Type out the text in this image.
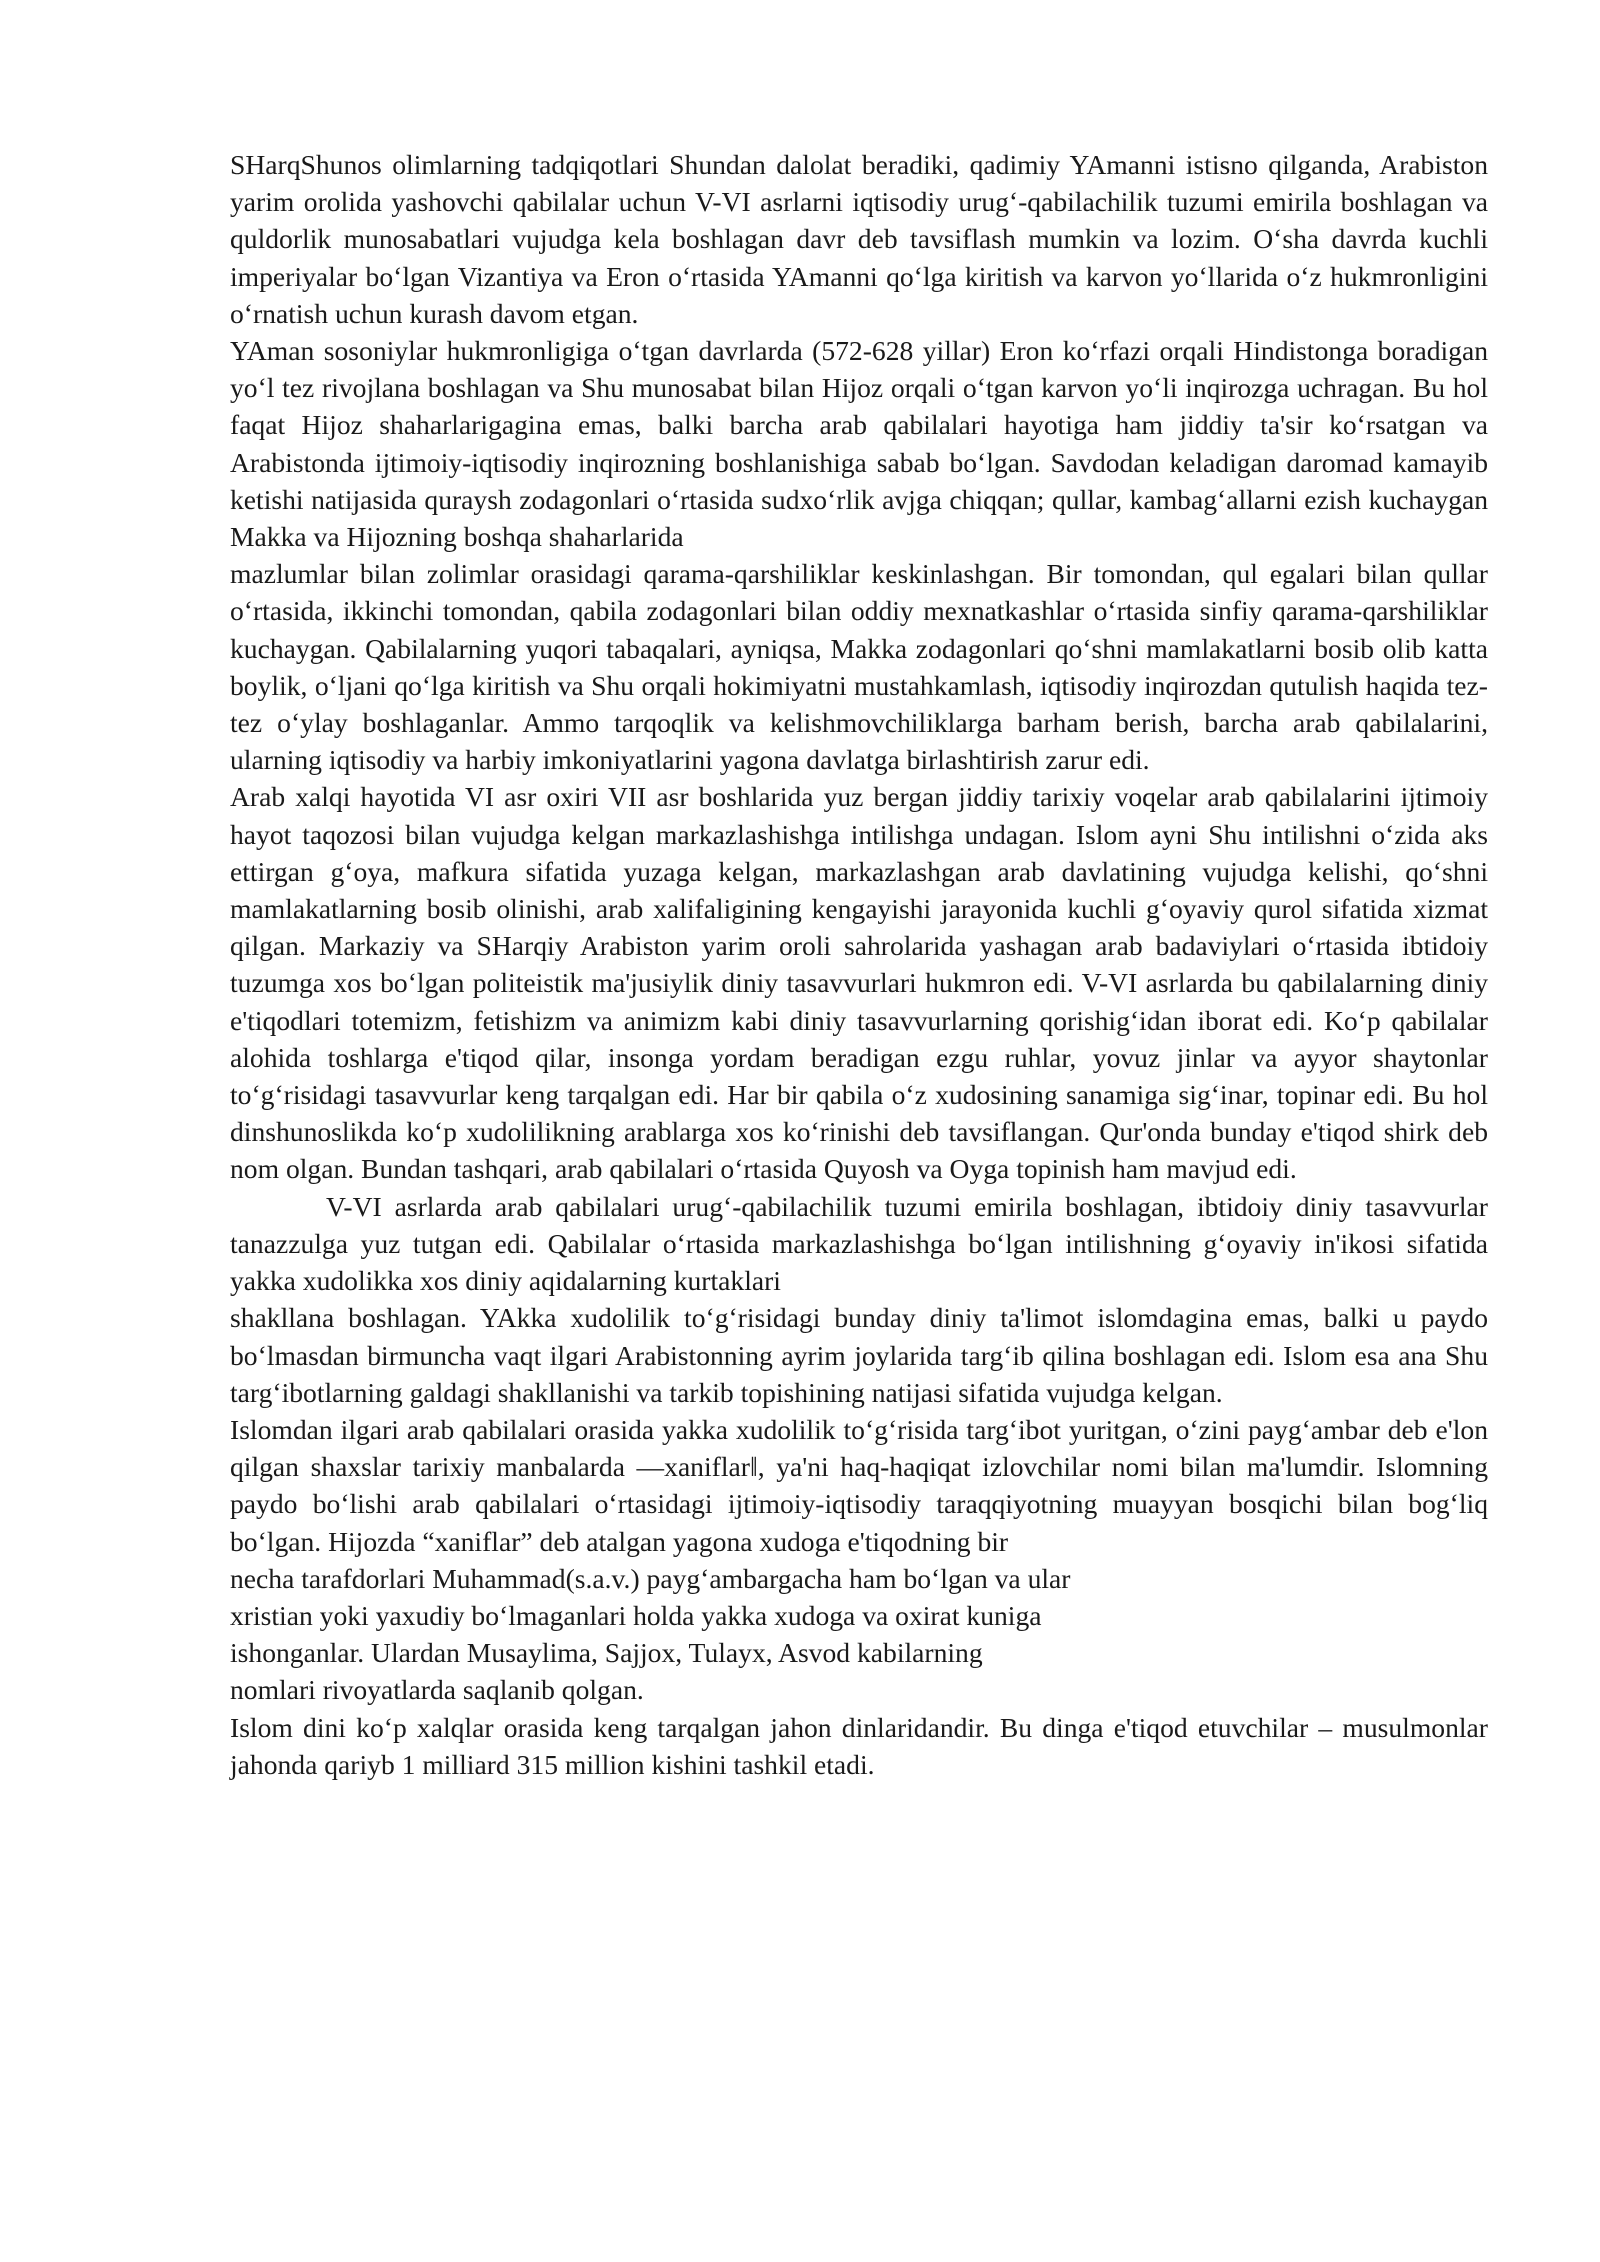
SHarqShunos olimlarning tadqiqotlari Shundan dalolat beradiki, qadimiy YAmanni istisno qilganda, Arabiston yarim orolida yashovchi qabilalar uchun V-VI asrlarni iqtisodiy urug‘-qabilachilik tuzumi emirila boshlagan va quldorlik munosabatlari vujudga kela boshlagan davr deb tavsiflash mumkin va lozim. O‘sha davrda kuchli imperiyalar bo‘lgan Vizantiya va Eron o‘rtasida YAmanni qo‘lga kiritish va karvon yo‘llarida o‘z hukmronligini o‘rnatish uchun kurash davom etgan.

YAman sosoniylar hukmronligiga o‘tgan davrlarda (572-628 yillar) Eron ko‘rfazi orqali Hindistonga boradigan yo‘l tez rivojlana boshlagan va Shu munosabat bilan Hijoz orqali o‘tgan karvon yo‘li inqirozga uchragan. Bu hol faqat Hijoz shaharlarigagina emas, balki barcha arab qabilalari hayotiga ham jiddiy ta'sir ko‘rsatgan va Arabistonda ijtimoiy-iqtisodiy inqirozning boshlanishiga sabab bo‘lgan. Savdodan keladigan daromad kamayib ketishi natijasida quraysh zodagonlari o‘rtasida sudxo‘rlik avjga chiqqan; qullar, kambag‘allarni ezish kuchaygan Makka va Hijozning boshqa shaharlarida

mazlumlar bilan zolimlar orasidagi qarama-qarshiliklar keskinlashgan. Bir tomondan, qul egalari bilan qullar o‘rtasida, ikkinchi tomondan, qabila zodagonlari bilan oddiy mexnatkashlar o‘rtasida sinfiy qarama-qarshiliklar kuchaygan. Qabilalarning yuqori tabaqalari, ayniqsa, Makka zodagonlari qo‘shni mamlakatlarni bosib olib katta boylik, o‘ljani qo‘lga kiritish va Shu orqali hokimiyatni mustahkamlash, iqtisodiy inqirozdan qutulish haqida tez-tez o‘ylay boshlaganlar. Ammo tarqoqlik va kelishmovchiliklarga barham berish, barcha arab qabilalarini, ularning iqtisodiy va harbiy imkoniyatlarini yagona davlatga birlashtirish zarur edi.

Arab xalqi hayotida VI asr oxiri VII asr boshlarida yuz bergan jiddiy tarixiy voqelar arab qabilalarini ijtimoiy hayot taqozosi bilan vujudga kelgan markazlashishga intilishga undagan. Islom ayni Shu intilishni o‘zida aks ettirgan g‘oya, mafkura sifatida yuzaga kelgan, markazlashgan arab davlatining vujudga kelishi, qo‘shni mamlakatlarning bosib olinishi, arab xalifaligining kengayishi jarayonida kuchli g‘oyaviy qurol sifatida xizmat qilgan. Markaziy va SHarqiy Arabiston yarim oroli sahrolarida yashagan arab badaviylari o‘rtasida ibtidoiy tuzumga xos bo‘lgan politeistik ma'jusiylik diniy tasavvurlari hukmron edi. V-VI asrlarda bu qabilalarning diniy e'tiqodlari totemizm, fetishizm va animizm kabi diniy tasavvurlarning qorishig‘idan iborat edi. Ko‘p qabilalar alohida toshlarga e'tiqod qilar, insonga yordam beradigan ezgu ruhlar, yovuz jinlar va ayyor shaytonlar to‘g‘risidagi tasavvurlar keng tarqalgan edi. Har bir qabila o‘z xudosining sanamiga sig‘inar, topinar edi. Bu hol dinshunoslikda ko‘p xudolilikning arablarga xos ko‘rinishi deb tavsiflangan. Qur'onda bunday e'tiqod shirk deb nom olgan. Bundan tashqari, arab qabilalari o‘rtasida Quyosh va Oyga topinish ham mavjud edi.

V-VI asrlarda arab qabilalari urug‘-qabilachilik tuzumi emirila boshlagan, ibtidoiy diniy tasavvurlar tanazzulga yuz tutgan edi. Qabilalar o‘rtasida markazlashishga bo‘lgan intilishning g‘oyaviy in'ikosi sifatida yakka xudolikka xos diniy aqidalarning kurtaklari

shakllana boshlagan. YAkka xudolilik to‘g‘risidagi bunday diniy ta'limot islomdagina emas, balki u paydo bo‘lmasdan birmuncha vaqt ilgari Arabistonning ayrim joylarida targ‘ib qilina boshlagan edi. Islom esa ana Shu targ‘ibotlarning galdagi shakllanishi va tarkib topishining natijasi sifatida vujudga kelgan.

Islomdan ilgari arab qabilalari orasida yakka xudolilik to‘g‘risida targ‘ibot yuritgan, o‘zini payg‘ambar deb e'lon qilgan shaxslar tarixiy manbalarda ―xaniflar‖, ya'ni haq-haqiqat izlovchilar nomi bilan ma'lumdir. Islomning paydo bo‘lishi arab qabilalari o‘rtasidagi ijtimoiy-iqtisodiy taraqqiyotning muayyan bosqichi bilan bog‘liq bo‘lgan. Hijozda “xaniflar” deb atalgan yagona xudoga e'tiqodning bir

necha tarafdorlari Muhammad(s.a.v.) payg‘ambargacha ham bo‘lgan va ular

xristian yoki yaxudiy bo‘lmaganlari holda yakka xudoga va oxirat kuniga

ishonganlar. Ulardan Musaylima, Sajjox, Tulayx, Asvod kabilarning

nomlari rivoyatlarda saqlanib qolgan.

Islom dini ko‘p xalqlar orasida keng tarqalgan jahon dinlaridandir. Bu dinga e'tiqod etuvchilar – musulmonlar jahonda qariyb 1 milliard 315 million kishini tashkil etadi.
